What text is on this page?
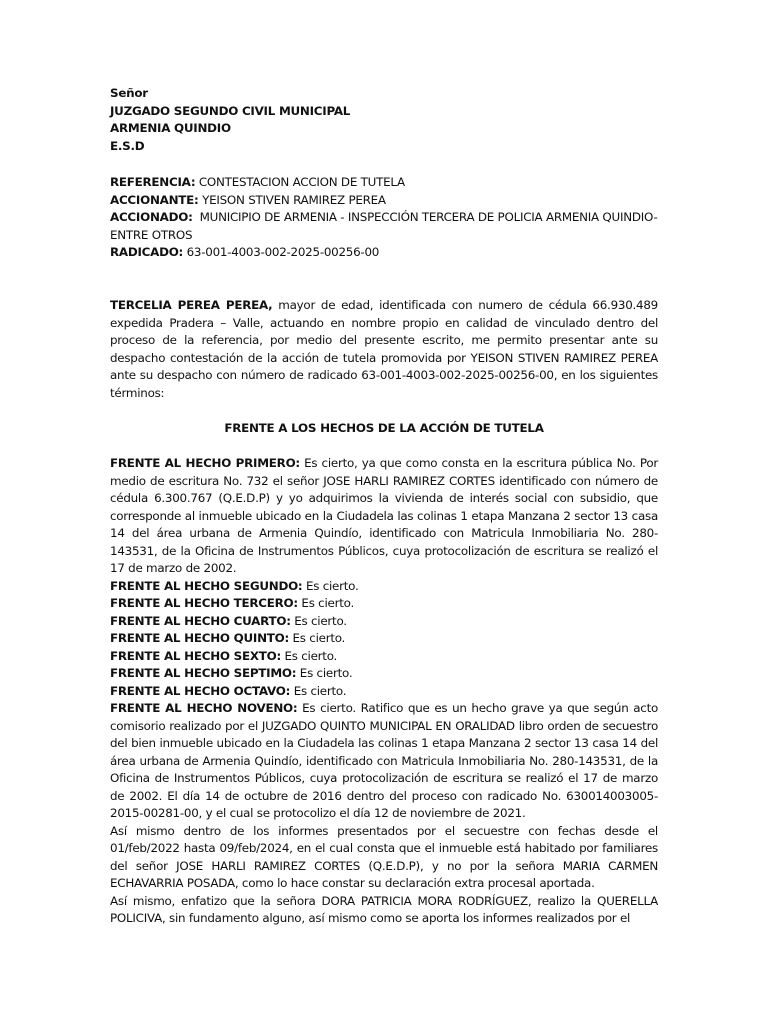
Señor
JUZGADO SEGUNDO CIVIL MUNICIPAL
ARMENIA QUINDIO
E.S.D

REFERENCIA: CONTESTACION ACCION DE TUTELA

ACCIONANTE: YEISON STIVEN RAMIREZ PEREA

ACCIONADO:  MUNICIPIO DE ARMENIA - INSPECCIÓN TERCERA DE POLICIA ARMENIA QUINDIO- ENTRE OTROS

RADICADO: 63-001-4003-002-2025-00256-00

TERCELIA PEREA PEREA, mayor de edad, identificada con numero de cédula 66.930.489 expedida Pradera – Valle, actuando en nombre propio en calidad de vinculado dentro del proceso de la referencia, por medio del presente escrito, me permito presentar ante su despacho contestación de la acción de tutela promovida por YEISON STIVEN RAMIREZ PEREA ante su despacho con número de radicado 63-001-4003-002-2025-00256-00, en los siguientes términos:

FRENTE A LOS HECHOS DE LA ACCIÓN DE TUTELA

FRENTE AL HECHO PRIMERO: Es cierto, ya que como consta en la escritura pública No. Por medio de escritura No. 732 el señor JOSE HARLI RAMIREZ CORTES identificado con número de cédula 6.300.767 (Q.E.D.P) y yo adquirimos la vivienda de interés social con subsidio, que corresponde al inmueble ubicado en la Ciudadela las colinas 1 etapa Manzana 2 sector 13 casa 14 del área urbana de Armenia Quindío, identificado con Matricula Inmobiliaria No. 280-143531, de la Oficina de Instrumentos Públicos, cuya protocolización de escritura se realizó el 17 de marzo de 2002.

FRENTE AL HECHO SEGUNDO: Es cierto.

FRENTE AL HECHO TERCERO: Es cierto.

FRENTE AL HECHO CUARTO: Es cierto.

FRENTE AL HECHO QUINTO: Es cierto.

FRENTE AL HECHO SEXTO: Es cierto.

FRENTE AL HECHO SEPTIMO: Es cierto.

FRENTE AL HECHO OCTAVO: Es cierto.

FRENTE AL HECHO NOVENO: Es cierto. Ratifico que es un hecho grave ya que según acto comisorio realizado por el JUZGADO QUINTO MUNICIPAL EN ORALIDAD libro orden de secuestro del bien inmueble ubicado en la Ciudadela las colinas 1 etapa Manzana 2 sector 13 casa 14 del área urbana de Armenia Quindío, identificado con Matricula Inmobiliaria No. 280-143531, de la Oficina de Instrumentos Públicos, cuya protocolización de escritura se realizó el 17 de marzo de 2002. El día 14 de octubre de 2016 dentro del proceso con radicado No. 630014003005-2015-00281-00, y el cual se protocolizo el día 12 de noviembre de 2021.

Así mismo dentro de los informes presentados por el secuestre con fechas desde el 01/feb/2022 hasta 09/feb/2024, en el cual consta que el inmueble está habitado por familiares del señor JOSE HARLI RAMIREZ CORTES (Q.E.D.P), y no por la señora MARIA CARMEN ECHAVARRIA POSADA, como lo hace constar su declaración extra procesal aportada.

Así mismo, enfatizo que la señora DORA PATRICIA MORA RODRÍGUEZ, realizo la QUERELLA POLICIVA, sin fundamento alguno, así mismo como se aporta los informes realizados por el
